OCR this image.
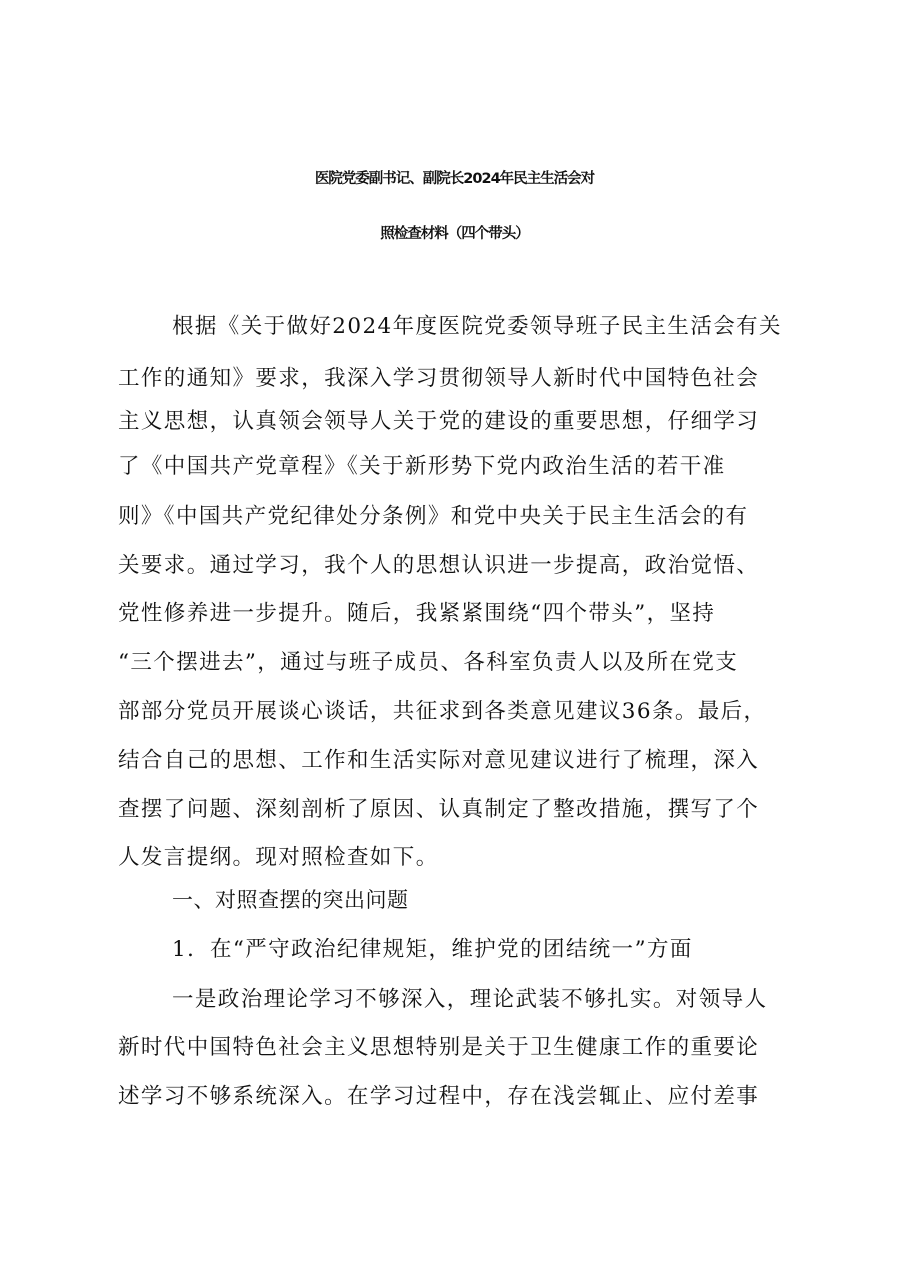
医院党委副书记、副院长2024年民主生活会对
照检查材料（四个带头）
根据《关于做好2024年度医院党委领导班子民主生活会有关
工作的通知》要求，我深入学习贯彻领导人新时代中国特色社会
主义思想，认真领会领导人关于党的建设的重要思想，仔细学习
了《中国共产党章程》《关于新形势下党内政治生活的若干准
则》《中国共产党纪律处分条例》和党中央关于民主生活会的有
关要求。通过学习，我个人的思想认识进一步提高，政治觉悟、
党性修养进一步提升。随后，我紧紧围绕“四个带头”，坚持
“三个摆进去”，通过与班子成员、各科室负责人以及所在党支
部部分党员开展谈心谈话，共征求到各类意见建议36条。最后，
结合自己的思想、工作和生活实际对意见建议进行了梳理，深入
查摆了问题、深刻剖析了原因、认真制定了整改措施，撰写了个
人发言提纲。现对照检查如下。
一、对照查摆的突出问题
1．在“严守政治纪律规矩，维护党的团结统一”方面
一是政治理论学习不够深入，理论武装不够扎实。对领导人
新时代中国特色社会主义思想特别是关于卫生健康工作的重要论
述学习不够系统深入。在学习过程中，存在浅尝辄止、应付差事
